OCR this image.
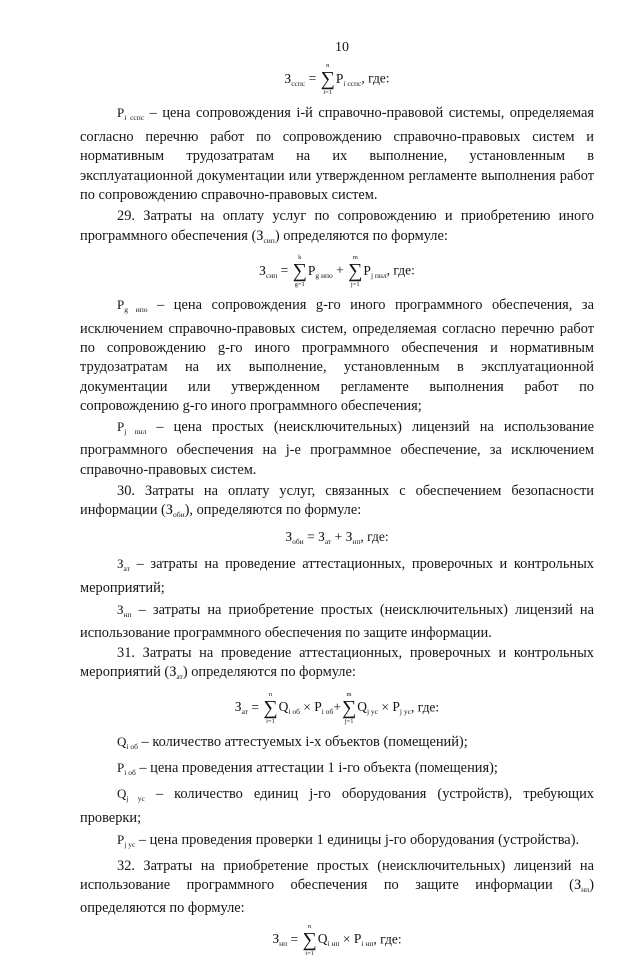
10
$З_{сспс}$ =
n
∑
i=1
$P_{i сспс}$, где:

$P_{i сспс}$ – цена сопровождения i-й справочно-правовой системы, определяемая согласно перечню работ по сопровождению справочно-правовых систем и нормативным трудозатратам на их выполнение, установленным в эксплуатационной документации или утвержденном регламенте выполнения работ по сопровождению справочно-правовых систем.

29. Затраты на оплату услуг по сопровождению и приобретению иного программного обеспечения $(З_{сип})$ определяются по формуле:

$З_{сип}$ =
k
∑
g=1
$P_{g ипо}$ +
m
∑
j=1
$P_{j пнл}$, где:

$P_{g ипо}$ – цена сопровождения g-го иного программного обеспечения, за исключением справочно-правовых систем, определяемая согласно перечню работ по сопровождению g-го иного программного обеспечения и нормативным трудозатратам на их выполнение, установленным в эксплуатационной документации или утвержденном регламенте выполнения работ по сопровождению g-го иного программного обеспечения;

$P_{j пнл}$ – цена простых (неисключительных) лицензий на использование программного обеспечения на j-е программное обеспечение, за исключением справочно-правовых систем.

30. Затраты на оплату услуг, связанных с обеспечением безопасности информации $(З_{оби})$, определяются по формуле:

$З_{оби} = З_{ат} + З_{нп}$, где:

$З_{ат}$ – затраты на проведение аттестационных, проверочных и контрольных мероприятий;

$З_{нп}$ – затраты на приобретение простых (неисключительных) лицензий на использование программного обеспечения по защите информации.

31. Затраты на проведение аттестационных, проверочных и контрольных мероприятий $(З_{ат})$ определяются по формуле:

$З_{ат}$ =
n
∑
i=1
$Q_{i об} \times P_{i об}+$
m
∑
j=1
$Q_{j ус} \times P_{j ус}$, где:

$Q_{i об}$ – количество аттестуемых i-х объектов (помещений);

$P_{i об}$ – цена проведения аттестации 1 i-го объекта (помещения);

$Q_{j ус}$ – количество единиц j-го оборудования (устройств), требующих проверки;

$P_{j ус}$ – цена проведения проверки 1 единицы j-го оборудования (устройства).

32. Затраты на приобретение простых (неисключительных) лицензий на использование программного обеспечения по защите информации $(З_{нп})$ определяются по формуле:

$З_{нп}$ =
n
∑
i=1
$Q_{i нп} \times P_{i нп}$, где:
